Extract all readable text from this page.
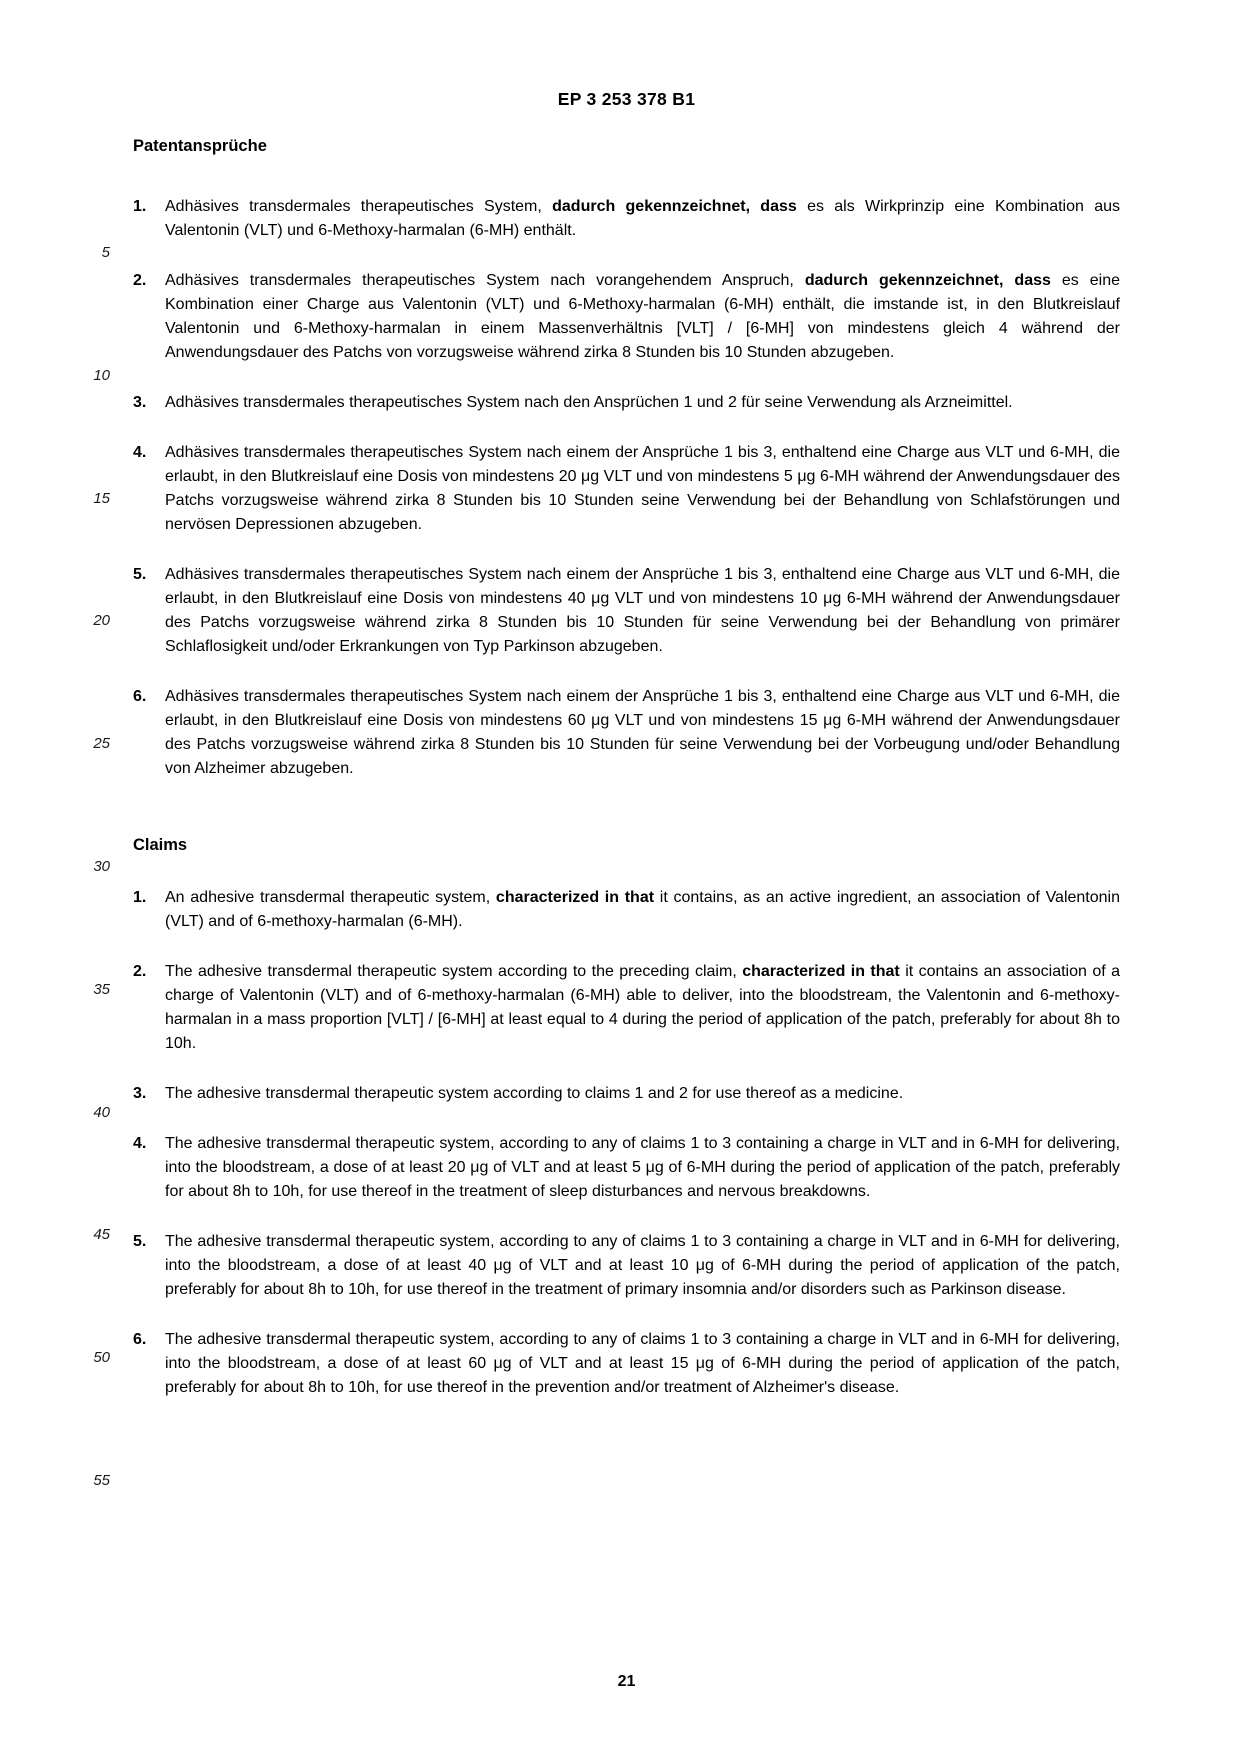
5
10
15
20
25
30
35
40
45
50
55
EP 3 253 378 B1
Patentansprüche
1.	Adhäsives transdermales therapeutisches System, dadurch gekennzeichnet, dass es als Wirkprinzip eine Kombination aus Valentonin (VLT) und 6-Methoxy-harmalan (6-MH) enthält.

2.	Adhäsives transdermales therapeutisches System nach vorangehendem Anspruch, dadurch gekennzeichnet, dass es eine Kombination einer Charge aus Valentonin (VLT) und 6-Methoxy-harmalan (6-MH) enthält, die imstande ist, in den Blutkreislauf Valentonin und 6-Methoxy-harmalan in einem Massenverhältnis [VLT] / [6-MH] von mindestens gleich 4 während der Anwendungsdauer des Patchs von vorzugsweise während zirka 8 Stunden bis 10 Stunden abzugeben.

3.	Adhäsives transdermales therapeutisches System nach den Ansprüchen 1 und 2 für seine Verwendung als Arzneimittel.

4.	Adhäsives transdermales therapeutisches System nach einem der Ansprüche 1 bis 3, enthaltend eine Charge aus VLT und 6-MH, die erlaubt, in den Blutkreislauf eine Dosis von mindestens 20 μg VLT und von mindestens 5 μg 6-MH während der Anwendungsdauer des Patchs vorzugsweise während zirka 8 Stunden bis 10 Stunden seine Verwendung bei der Behandlung von Schlafstörungen und nervösen Depressionen abzugeben.

5.	Adhäsives transdermales therapeutisches System nach einem der Ansprüche 1 bis 3, enthaltend eine Charge aus VLT und 6-MH, die erlaubt, in den Blutkreislauf eine Dosis von mindestens 40 μg VLT und von mindestens 10 μg 6-MH während der Anwendungsdauer des Patchs vorzugsweise während zirka 8 Stunden bis 10 Stunden für seine Verwendung bei der Behandlung von primärer Schlaflosigkeit und/oder Erkrankungen von Typ Parkinson abzugeben.

6.	Adhäsives transdermales therapeutisches System nach einem der Ansprüche 1 bis 3, enthaltend eine Charge aus VLT und 6-MH, die erlaubt, in den Blutkreislauf eine Dosis von mindestens 60 μg VLT und von mindestens 15 μg 6-MH während der Anwendungsdauer des Patchs vorzugsweise während zirka 8 Stunden bis 10 Stunden für seine Verwendung bei der Vorbeugung und/oder Behandlung von Alzheimer abzugeben.

Claims
1.	An adhesive transdermal therapeutic system, characterized in that it contains, as an active ingredient, an association of Valentonin (VLT) and of 6-methoxy-harmalan (6-MH).

2.	The adhesive transdermal therapeutic system according to the preceding claim, characterized in that it contains an association of a charge of Valentonin (VLT) and of 6-methoxy-harmalan (6-MH) able to deliver, into the bloodstream, the Valentonin and 6-methoxy-harmalan in a mass proportion [VLT] / [6-MH] at least equal to 4 during the period of application of the patch, preferably for about 8h to 10h.

3.	The adhesive transdermal therapeutic system according to claims 1 and 2 for use thereof as a medicine.

4.	The adhesive transdermal therapeutic system, according to any of claims 1 to 3 containing a charge in VLT and in 6-MH for delivering, into the bloodstream, a dose of at least 20 μg of VLT and at least 5 μg of 6-MH during the period of application of the patch, preferably for about 8h to 10h, for use thereof in the treatment of sleep disturbances and nervous breakdowns.

5.	The adhesive transdermal therapeutic system, according to any of claims 1 to 3 containing a charge in VLT and in 6-MH for delivering, into the bloodstream, a dose of at least 40 μg of VLT and at least 10 μg of 6-MH during the period of application of the patch, preferably for about 8h to 10h, for use thereof in the treatment of primary insomnia and/or disorders such as Parkinson disease.

6.	The adhesive transdermal therapeutic system, according to any of claims 1 to 3 containing a charge in VLT and in 6-MH for delivering, into the bloodstream, a dose of at least 60 μg of VLT and at least 15 μg of 6-MH during the period of application of the patch, preferably for about 8h to 10h, for use thereof in the prevention and/or treatment of Alzheimer's disease.

21
